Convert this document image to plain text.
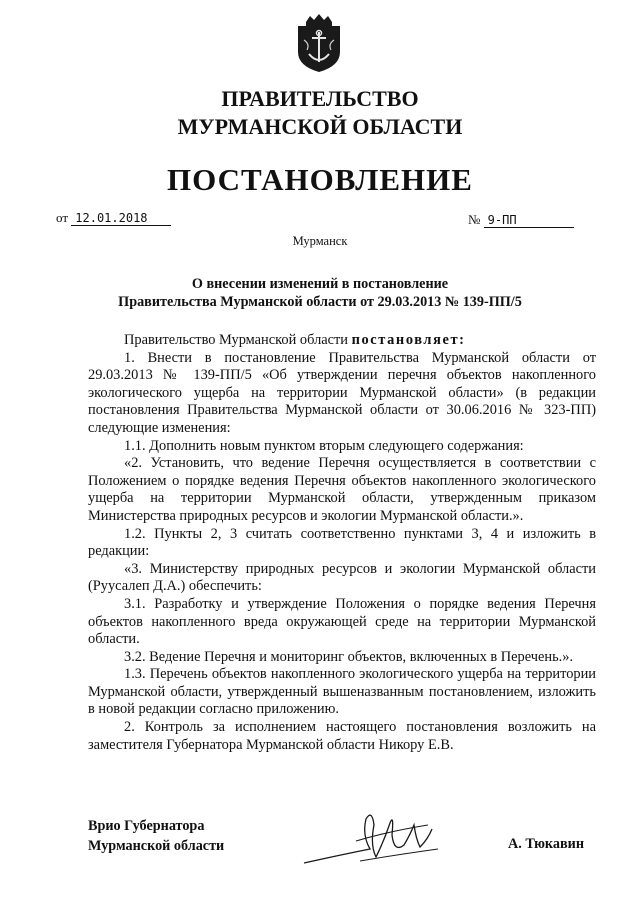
ПРАВИТЕЛЬСТВО
МУРМАНСКОЙ ОБЛАСТИ
ПОСТАНОВЛЕНИЕ
от 12.01.2018	№ 9-ПП
Мурманск
О внесении изменений в постановление
Правительства Мурманской области от 29.03.2013 № 139-ПП/5

Правительство Мурманской области постановляет:

1. Внести в постановление Правительства Мурманской области от 29.03.2013 № 139-ПП/5 «Об утверждении перечня объектов накопленного экологического ущерба на территории Мурманской области» (в редакции постановления Правительства Мурманской области от 30.06.2016 № 323-ПП) следующие изменения:

1.1. Дополнить новым пунктом вторым следующего содержания:

«2. Установить, что ведение Перечня осуществляется в соответствии с Положением о порядке ведения Перечня объектов накопленного экологического ущерба на территории Мурманской области, утвержденным приказом Министерства природных ресурсов и экологии Мурманской области.».

1.2. Пункты 2, 3 считать соответственно пунктами 3, 4 и изложить в редакции:

«3. Министерству природных ресурсов и экологии Мурманской области (Руусалеп Д.А.) обеспечить:

3.1. Разработку и утверждение Положения о порядке ведения Перечня объектов накопленного вреда окружающей среде на территории Мурманской области.

3.2. Ведение Перечня и мониторинг объектов, включенных в Перечень.».

1.3. Перечень объектов накопленного экологического ущерба на территории Мурманской области, утвержденный вышеназванным постановлением, изложить в новой редакции согласно приложению.

2. Контроль за исполнением настоящего постановления возложить на заместителя Губернатора Мурманской области Никору Е.В.

Врио Губернатора
Мурманской области	А. Тюкавин
